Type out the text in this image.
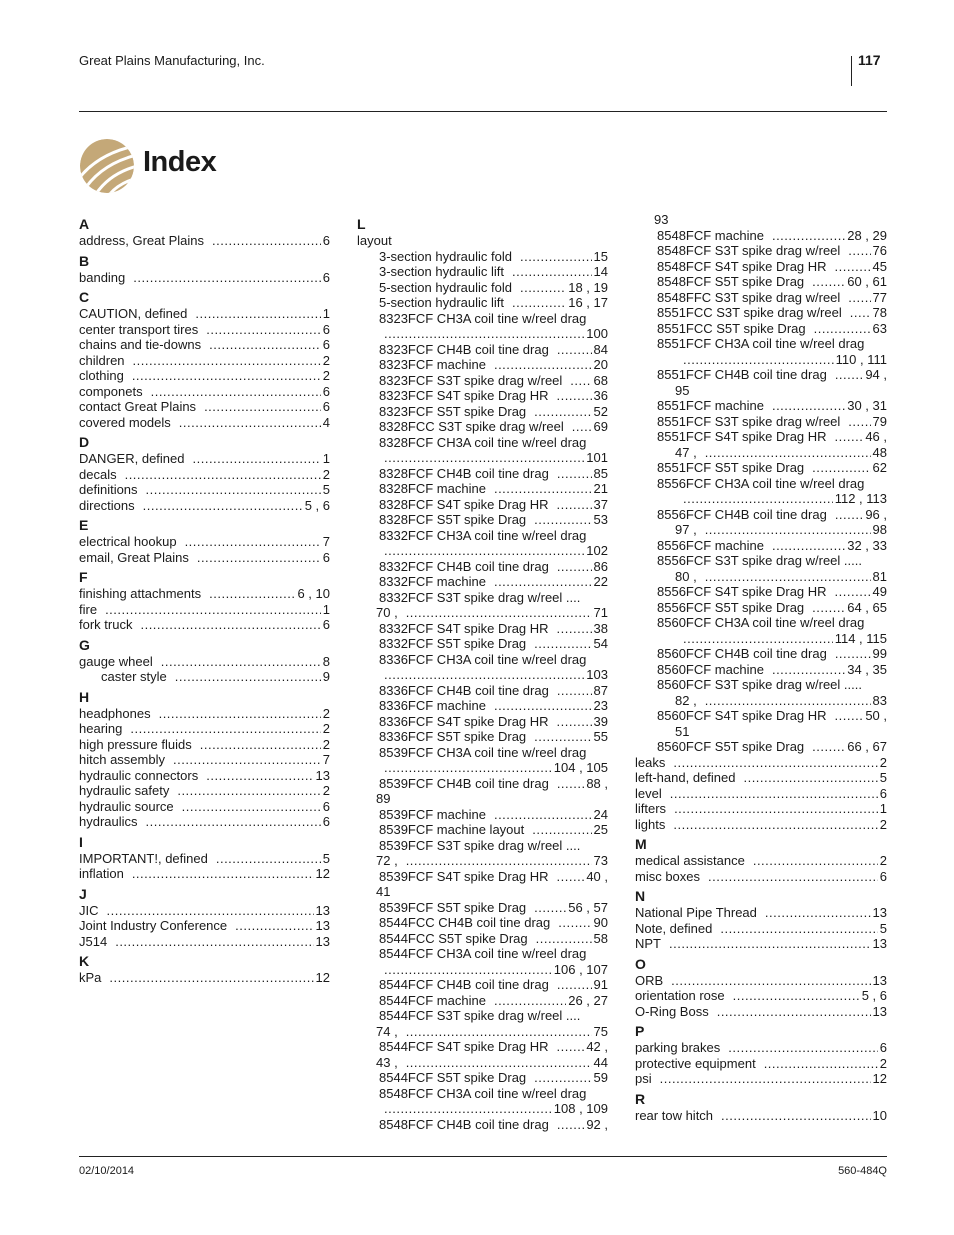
Great Plains Manufacturing, Inc.	117
Index
A
address, Great Plains .....	6
B
banding .....	6
C
CAUTION, defined .....	1
center transport tires .....	6
chains and tie-downs .....	6
children .....	2
clothing .....	2
componets .....	6
contact Great Plains .....	6
covered models .....	4
D
DANGER, defined .....	1
decals .....	2
definitions .....	5
directions .....	5 , 6
E
electrical hookup .....	7
email, Great Plains .....	6
F
finishing attachments .....	6 , 10
fire .....	1
fork truck .....	6
G
gauge wheel .....	8
caster style .....	9
H
headphones .....	2
hearing .....	2
high pressure fluids .....	2
hitch assembly .....	7
hydraulic connectors .....	13
hydraulic safety .....	2
hydraulic source .....	6
hydraulics .....	6
I
IMPORTANT!, defined .....	5
inflation .....	12
J
JIC .....	13
Joint Industry Conference .....	13
J514 .....	13
K
kPa .....	12
L
layout
3-section hydraulic fold .....	15
3-section hydraulic lift .....	14
5-section hydraulic fold .....	18 , 19
5-section hydraulic lift .....	16 , 17
8323FCF CH3A coil tine w/reel drag
.....
100
8323FCF CH4B coil tine drag .....	84
8323FCF machine .....	20
8323FCF S3T spike drag w/reel ..... 68
8323FCF S4T spike Drag HR .....	36
8323FCF S5T spike Drag .....	52
8328FCC S3T spike drag w/reel ..... 69
8328FCF CH3A coil tine w/reel drag
.....
101
8328FCF CH4B coil tine drag .....	85
8328FCF machine .....	21
8328FCF S4T spike Drag HR .....	37
8328FCF S5T spike Drag .....	53
8332FCF CH3A coil tine w/reel drag
.....
102
8332FCF CH4B coil tine drag .....	86
8332FCF machine .....	22
8332FCF S3T spike drag w/reel ....
70 , .....	71
8332FCF S4T spike Drag HR .....	38
8332FCF S5T spike Drag .....	54
8336FCF CH3A coil tine w/reel drag
.....
103
8336FCF CH4B coil tine drag .....	87
8336FCF machine .....	23
8336FCF S4T spike Drag HR .....	39
8336FCF S5T spike Drag .....	55
8539FCF CH3A coil tine w/reel drag
.....
104 , 105
8539FCF CH4B coil tine drag .....	88 ,
89
8539FCF machine .....	24
8539FCF machine layout .....	25
8539FCF S3T spike drag w/reel ....
72 , .....	73
8539FCF S4T spike Drag HR .....	40 ,
41
8539FCF S5T spike Drag .....	56 , 57
8544FCC CH4B coil tine drag .....	90
8544FCC S5T spike Drag .....	58
8544FCF CH3A coil tine w/reel drag
.....
106 , 107
8544FCF CH4B coil tine drag .....	91
8544FCF machine .....	26 , 27
8544FCF S3T spike drag w/reel ....
74 , .....	75
8544FCF S4T spike Drag HR .....	42 ,
43 , .....	44
8544FCF S5T spike Drag .....	59
8548FCF CH3A coil tine w/reel drag
.....
108 , 109
8548FCF CH4B coil tine drag .....	92 ,
93
8548FCF machine .....	28 , 29
8548FCF S3T spike drag w/reel ..... 76
8548FCF S4T spike Drag HR .....	45
8548FCF S5T spike Drag .....	60 , 61
8548FFC S3T spike drag w/reel ..... 77
8551FCC S3T spike drag w/reel ..... 78
8551FCC S5T spike Drag .....	63
8551FCF CH3A coil tine w/reel drag
.....
110 , 111
8551FCF CH4B coil tine drag .....	94 ,
95
8551FCF machine .....	30 , 31
8551FCF S3T spike drag w/reel ..... 79
8551FCF S4T spike Drag HR .....	46 ,
47 , .....	48
8551FCF S5T spike Drag .....	62
8556FCF CH3A coil tine w/reel drag
.....
112 , 113
8556FCF CH4B coil tine drag .....	96 ,
97 , .....	98
8556FCF machine .....	32 , 33
8556FCF S3T spike drag w/reel .....
80 , .....	81
8556FCF S4T spike Drag HR .....	49
8556FCF S5T spike Drag .....	64 , 65
8560FCF CH3A coil tine w/reel drag
.....
114 , 115
8560FCF CH4B coil tine drag .....	99
8560FCF machine .....	34 , 35
8560FCF S3T spike drag w/reel .....
82 , .....	83
8560FCF S4T spike Drag HR .....	50 ,
51
8560FCF S5T spike Drag .....	66 , 67
leaks .....	2
left-hand, defined .....	5
level .....	6
lifters .....	1
lights .....	2
M
medical assistance .....	2
misc boxes .....	6
N
National Pipe Thread .....	13
Note, defined .....	5
NPT .....	13
O
ORB .....	13
orientation rose .....	5 , 6
O-Ring Boss .....	13
P
parking brakes .....	6
protective equipment .....	2
psi .....	12
R
rear tow hitch .....	10
02/10/2014	560-484Q
